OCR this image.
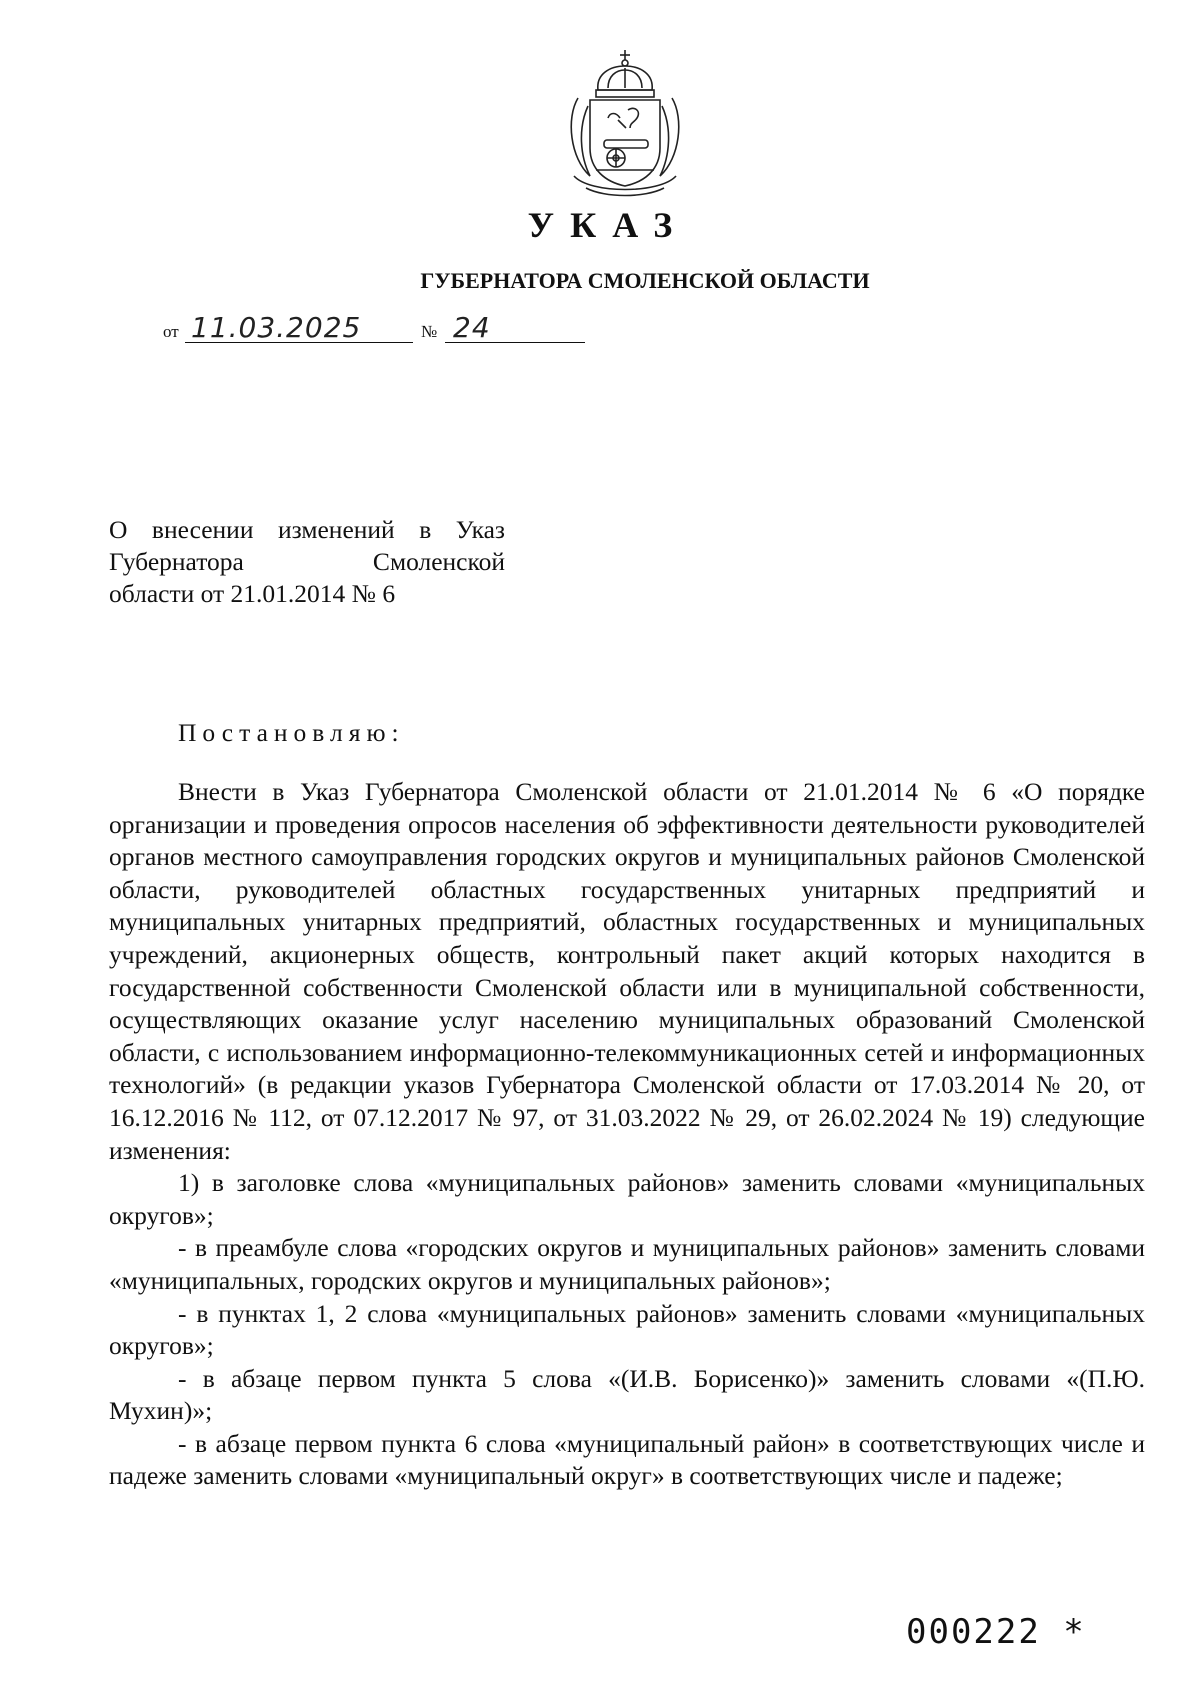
УКАЗ
ГУБЕРНАТОРА СМОЛЕНСКОЙ ОБЛАСТИ
от 11.03.2025	№ 24
О внесении изменений в Указ
Губернатора Смоленской
области от 21.01.2014 № 6
Постановляю:

Внести в Указ Губернатора Смоленской области от 21.01.2014 № 6 «О порядке организации и проведения опросов населения об эффективности деятельности руководителей органов местного самоуправления городских округов и муниципальных районов Смоленской области, руководителей областных государственных унитарных предприятий и муниципальных унитарных предприятий, областных государственных и муниципальных учреждений, акционерных обществ, контрольный пакет акций которых находится в государственной собственности Смоленской области или в муниципальной собственности, осуществляющих оказание услуг населению муниципальных образований Смоленской области, с использованием информационно-телекоммуникационных сетей и информационных технологий» (в редакции указов Губернатора Смоленской области от 17.03.2014 № 20, от 16.12.2016 № 112, от 07.12.2017 № 97, от 31.03.2022 № 29, от 26.02.2024 № 19) следующие изменения:

1) в заголовке слова «муниципальных районов» заменить словами «муниципальных округов»;

- в преамбуле слова «городских округов и муниципальных районов» заменить словами «муниципальных, городских округов и муниципальных районов»;

- в пунктах 1, 2 слова «муниципальных районов» заменить словами «муниципальных округов»;

- в абзаце первом пункта 5 слова «(И.В. Борисенко)» заменить словами «(П.Ю. Мухин)»;

- в абзаце первом пункта 6 слова «муниципальный район» в соответствующих числе и падеже заменить словами «муниципальный округ» в соответствующих числе и падеже;

000222 *
